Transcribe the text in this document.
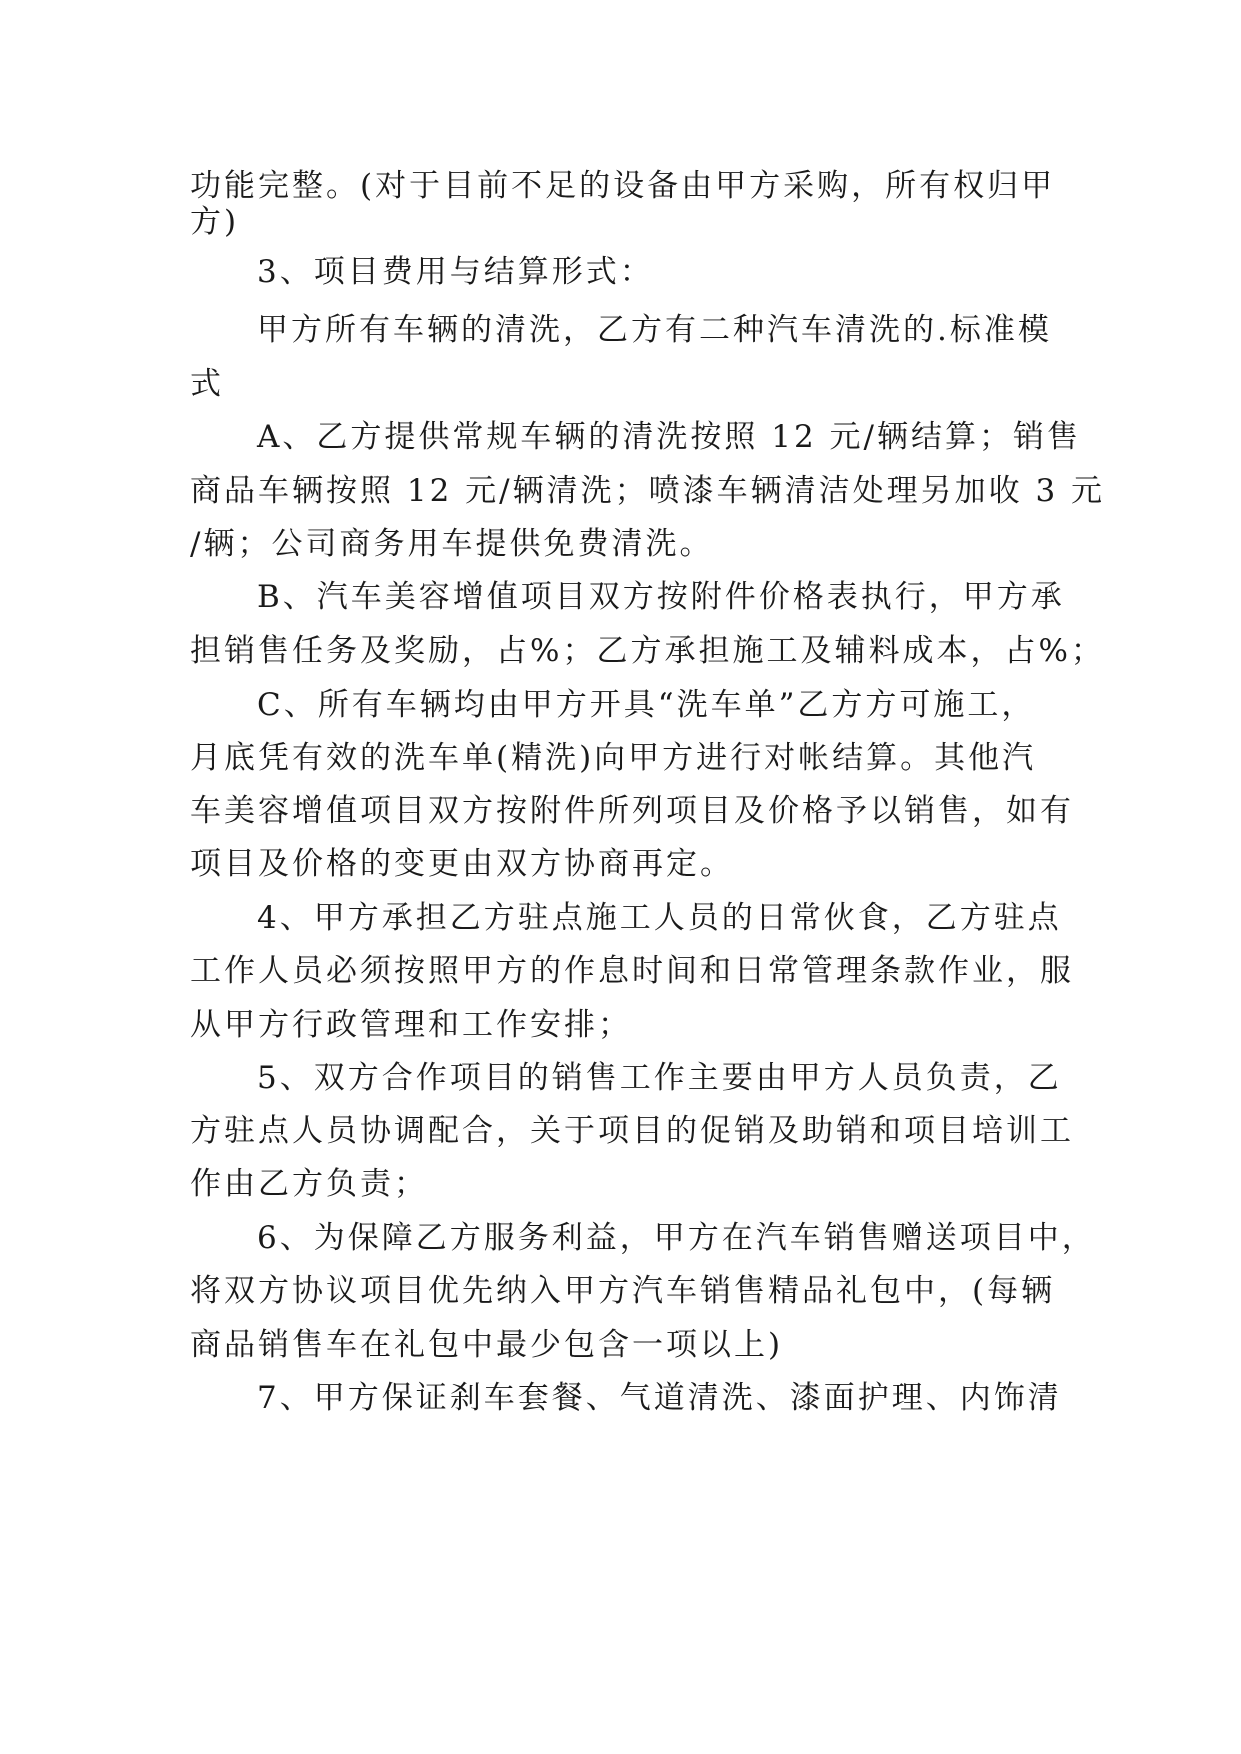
功能完整。(对于目前不足的设备由甲方采购，所有权归甲
方)
3、项目费用与结算形式：
甲方所有车辆的清洗，乙方有二种汽车清洗的.标准模
式
A、乙方提供常规车辆的清洗按照 12 元/辆结算；销售
商品车辆按照 12 元/辆清洗；喷漆车辆清洁处理另加收 3 元
/辆；公司商务用车提供免费清洗。
B、汽车美容增值项目双方按附件价格表执行，甲方承
担销售任务及奖励，占%；乙方承担施工及辅料成本，占%；
C、所有车辆均由甲方开具“洗车单”乙方方可施工，
月底凭有效的洗车单(精洗)向甲方进行对帐结算。其他汽
车美容增值项目双方按附件所列项目及价格予以销售，如有
项目及价格的变更由双方协商再定。
4、甲方承担乙方驻点施工人员的日常伙食，乙方驻点
工作人员必须按照甲方的作息时间和日常管理条款作业，服
从甲方行政管理和工作安排；
5、双方合作项目的销售工作主要由甲方人员负责，乙
方驻点人员协调配合，关于项目的促销及助销和项目培训工
作由乙方负责；
6、为保障乙方服务利益，甲方在汽车销售赠送项目中，
将双方协议项目优先纳入甲方汽车销售精品礼包中，(每辆
商品销售车在礼包中最少包含一项以上)
7、甲方保证刹车套餐、气道清洗、漆面护理、内饰清
